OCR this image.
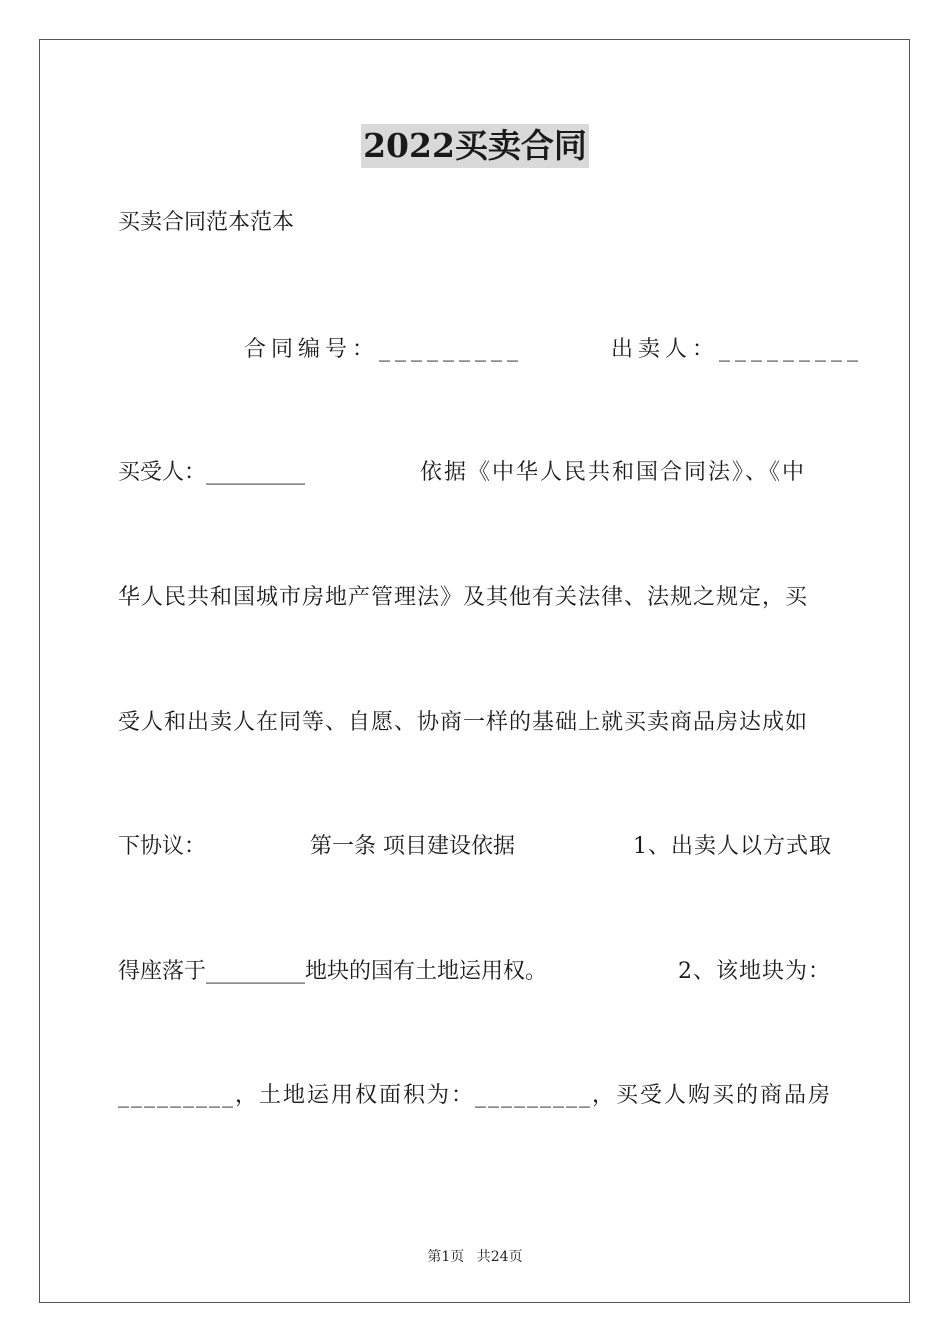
2022买卖合同
买卖合同范本范本
合同编号：_________	出卖人：_________
买受人：_________	依据《中华人民共和国合同法》、《中
华人民共和国城市房地产管理法》及其他有关法律、法规之规定，买
受人和出卖人在同等、自愿、协商一样的基础上就买卖商品房达成如
下协议：	第一条 项目建设依据	1、出卖人以方式取
得座落于_________地块的国有土地运用权。	2、该地块为：
_________，土地运用权面积为：_________，买受人购买的商品房
第1页 共24页
